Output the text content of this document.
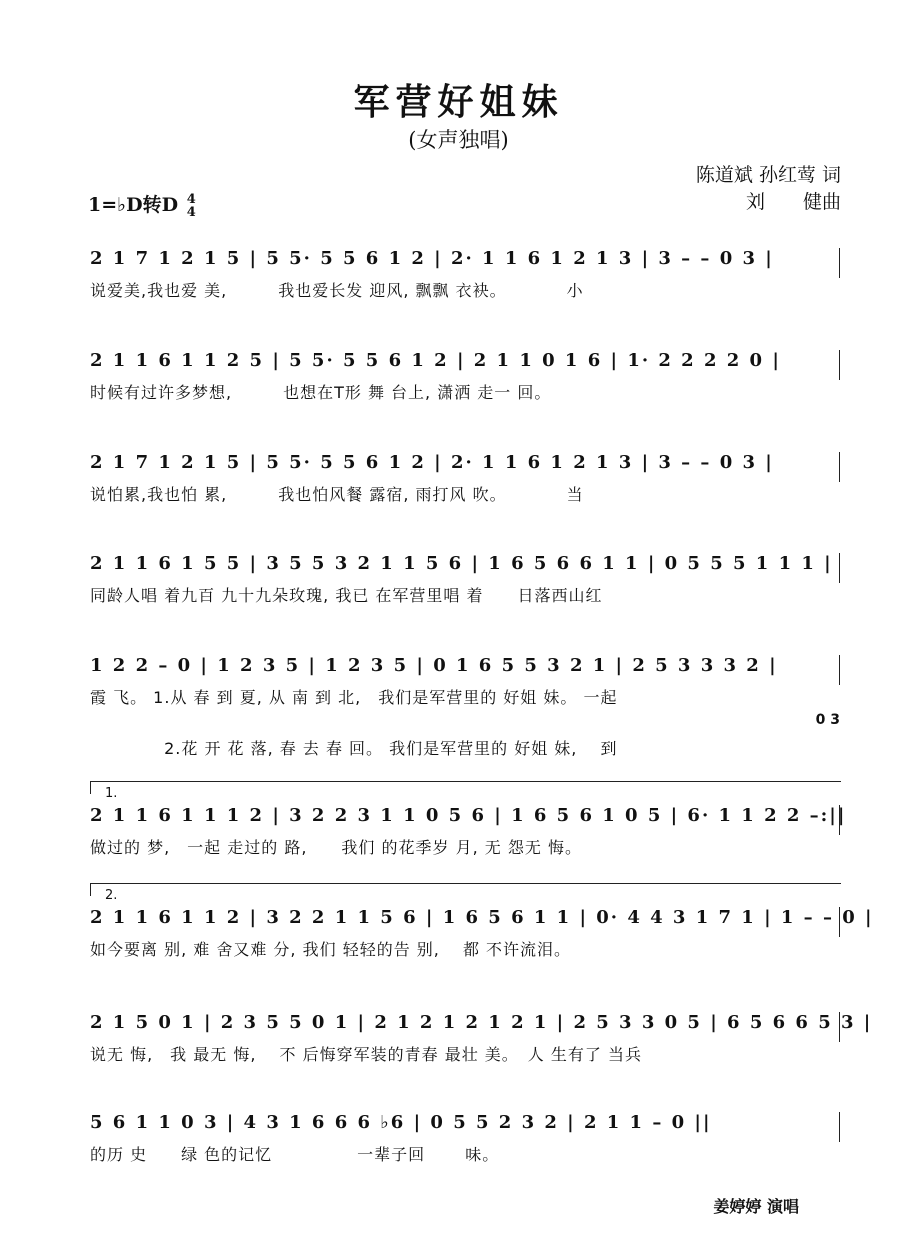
军营好姐妹
(女声独唱)
陈道斌 孙红莺 词
刘　　健曲
1=♭D转D 4
4
2 1 7 1 2 1 5 | 5 5· 5 5 6 1 2 | 2· 1 1 6 1 2 1 3 | 3 – – 0 3 |
说爱美,我也爱 美,　　　我也爱长发 迎风, 飘飘 衣袂。　　　　小
2 1 1 6 1 1 2 5 | 5 5· 5 5 6 1 2 | 2 1 1 0 1 6 | 1· 2 2 2 2 0 |
时候有过许多梦想,　　　也想在T形 舞 台上, 潇洒 走一 回。
2 1 7 1 2 1 5 | 5 5· 5 5 6 1 2 | 2· 1 1 6 1 2 1 3 | 3 – – 0 3 |
说怕累,我也怕 累,　　　我也怕风餐 露宿, 雨打风 吹。　　　　当
2 1 1 6 1 5 5 | 3 5 5 3 2 1 1 5 6 | 1 6 5 6 6 1 1 | 0 5 5 5 1 1 1 |
同龄人唱 着九百 九十九朵玫瑰, 我已 在军营里唱 着　　日落西山红
1 2 2 – 0 | 1 2 3 5 | 1 2 3 5 | 0 1 6 5 5 3 2 1 | 2 5 3 3 3 2 |
霞 飞。 1.从 春 到 夏, 从 南 到 北,　我们是军营里的 好姐 妹。 一起
0 3
　　　　 2.花 开 花 落, 春 去 春 回。 我们是军营里的 好姐 妹,　 到
1.
2 1 1 6 1 1 1 2 | 3 2 2 3 1 1 0 5 6 | 1 6 5 6 1 0 5 | 6· 1 1 2 2 –:||
做过的 梦,　一起 走过的 路,　　我们 的花季岁 月, 无 怨无 悔。
2.
2 1 1 6 1 1 2 | 3 2 2 1 1 5 6 | 1 6 5 6 1 1 | 0· 4 4 3 1 7 1 | 1 – – 0 |
如今要离 别, 难 舍又难 分, 我们 轻轻的告 别,　 都 不许流泪。
2 1 5 0 1 | 2 3 5 5 0 1 | 2 1 2 1 2 1 2 1 | 2 5 3 3 0 5 | 6 5 6 6 5 3 |
说无 悔,　我 最无 悔,　 不 后悔穿军装的青春 最壮 美。　人 生有了 当兵
5 6 1 1 0 3 | 4 3 1 6 6 6 ♭6 | 0 5 5 2 3 2 | 2 1 1 – 0 ||
的历 史　　绿 色的记忆　　　　　一辈子回　　 味。
姜婷婷 演唱
